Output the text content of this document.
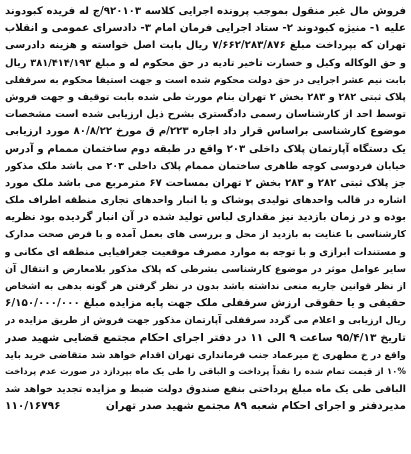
فروش مال غیر منقول بموجب پرونده اجرایی کلاسه ۹۲۰۱۰۳/ج له فریده کبودوند
علیه ۱- منیژه کبودوند ۲- ستاد اجرایی فرمان امام ۳- دادسرای عمومی و انقلاب
تهران که بپرداخت مبلغ ۷/۶۶۲/۲۸۳/۸۷۶ ریال بابت اصل خواسته و هزینه دادرسی
و حق الوکاله وکیل و خسارت تاخیر تادیه در حق محکوم له و مبلغ ۳۸۱/۴۱۴/۱۹۳ ریال
بابت نیم عشر اجرایی در حق دولت محکوم شده است و جهت استیفا محکوم به سرقفلی
پلاک ثبتی ۲۸۲ و ۲۸۳ بخش ۲ تهران بنام مورث طی شده بابت توقیف و جهت فروش
توسط احد از کارشناسان رسمی دادگستری بشرح ذیل ارزیابی شده است مشخصات
موضوع کارشناسی براساس قرار داد اجاره ۲۲۳/م ق مورخ ۸۰/۸/۲۲ مورد ارزیابی
یک دستگاه آپارتمان پلاک داخلی ۲۰۳ واقع در طبقه دوم ساختمان مممام و آدرس
خیابان فردوسی کوچه طاهری ساختمان مممام پلاک داخلی ۲۰۳ می باشد ملک مذکور
جز پلاک ثبتی ۲۸۲ و ۲۸۳ بخش ۲ تهران بمساحت ۶۷ مترمربع می باشد ملک مورد
اشاره در قالب واحدهای تولیدی پوشاک و یا انبار واحدهای تجاری منطقه اطراف ملک
بوده و در زمان بازدید نیز مقداری لباس تولید شده در آن انبار گردیده بود نظریه
کارشناسی با عنایت به بازدید از محل و بررسی های بعمل آمده و با فرض صحت مدارک
و مستندات ابرازی و با توجه به موارد مصرف موقعیت جغرافیایی منطقه ای مکانی و
سایر عوامل موثر در موضوع کارشناسی بشرطی که پلاک مذکور بلامعارض و انتقال آن
از نظر قوانین جاریه منعی نداشته باشد بدون در نظر گرفتن هر گونه بدهی به اشخاص
حقیقی و یا حقوقی ارزش سرقفلی ملک جهت پایه مزایده مبلغ ۶/۱۵۰/۰۰۰/۰۰۰
ریال ارزیابی و اعلام می گردد سرقفلی آپارتمان مذکور جهت فروش از طریق مزایده در
تاریخ ۹۵/۴/۱۳ ساعت ۹ الی ۱۱ در دفتر اجرای احکام مجتمع قضایی شهید صدر
واقع در خ مطهری خ میرعماد جنب فرمانداری تهران اقدام خواهد شد متقاضی خرید باید
۱۰% از قیمت تمام شده را نقداً پرداخت و الباقی را طی یک ماه بپردازد در صورت عدم پرداخت
الباقی طی یک ماه مبلغ پرداختی بنفع صندوق دولت ضبط و مزایده تجدید خواهد شد
مدیردفتر و اجرای احکام شعبه ۸۹ مجتمع شهید صدر تهران
۱۱۰/۱۶۷۹۶
